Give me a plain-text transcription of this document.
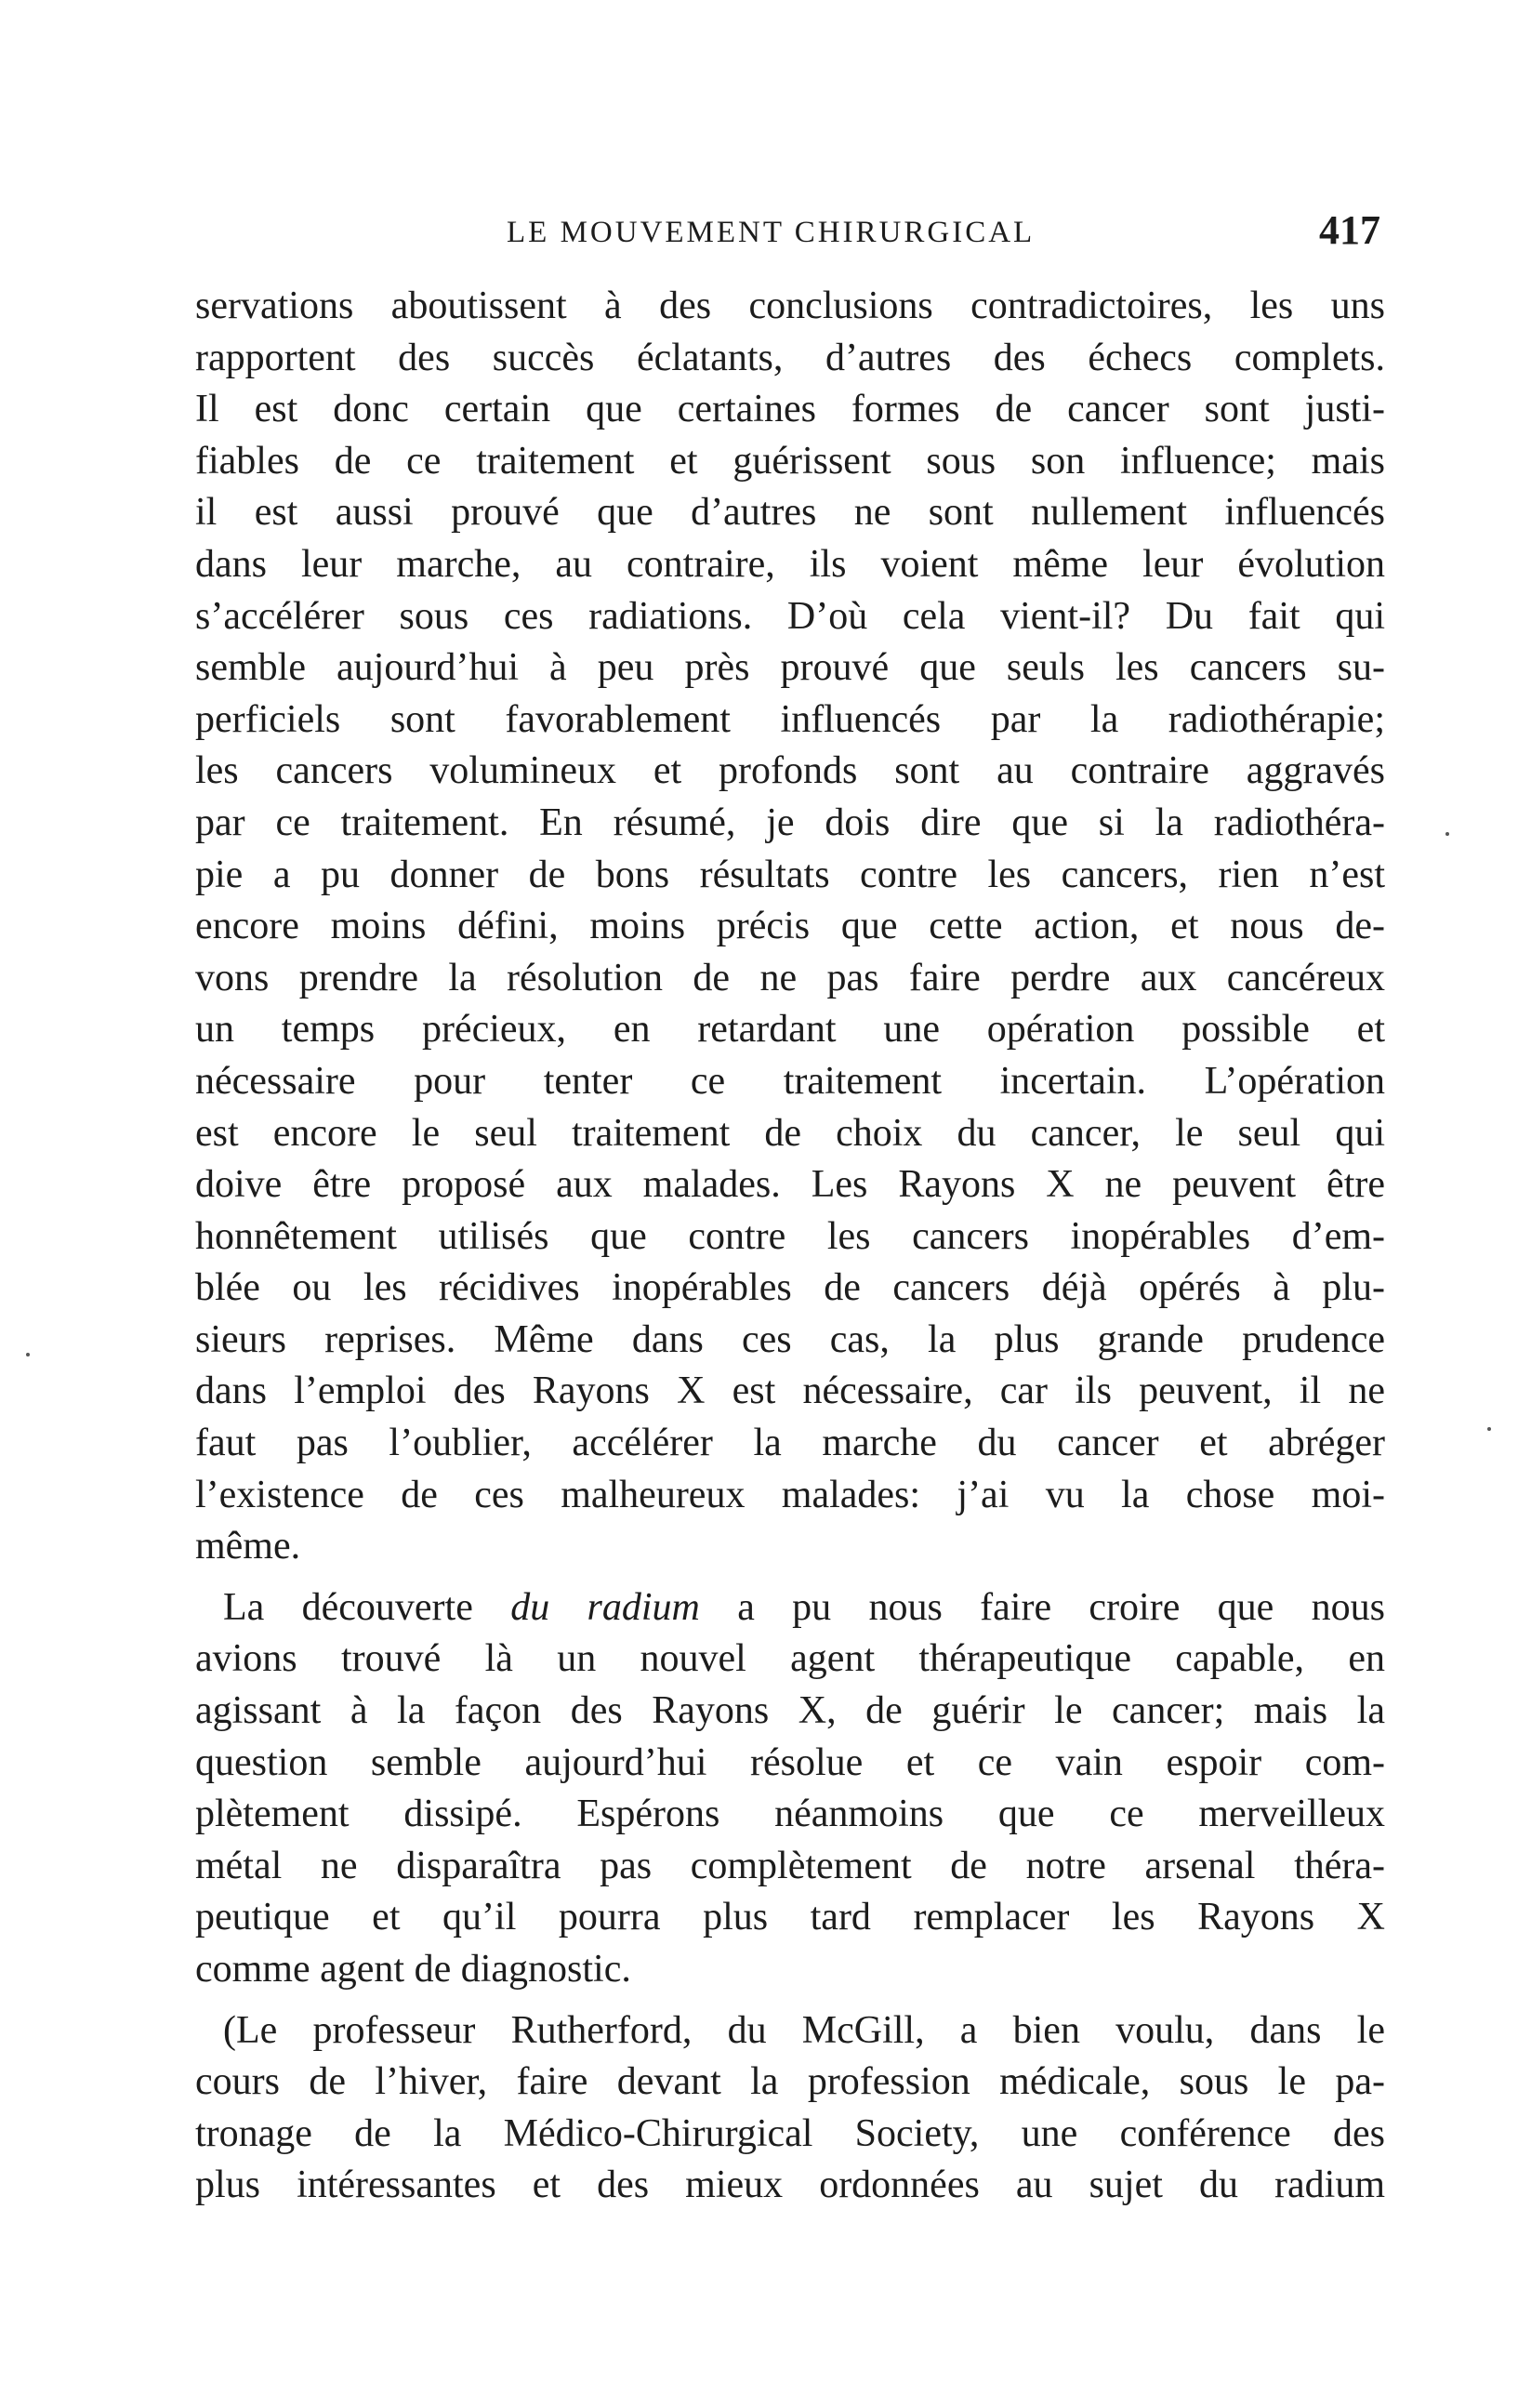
LE MOUVEMENT CHIRURGICAL	417
servations aboutissent à des conclusions contradictoires, les uns
rapportent des succès éclatants, d’autres des échecs complets.
Il est donc certain que certaines formes de cancer sont justi-
fiables de ce traitement et guérissent sous son influence; mais
il est aussi prouvé que d’autres ne sont nullement influencés
dans leur marche, au contraire, ils voient même leur évolution
s’accélérer sous ces radiations. D’où cela vient-il? Du fait qui
semble aujourd’hui à peu près prouvé que seuls les cancers su-
perficiels sont favorablement influencés par la radiothérapie;
les cancers volumineux et profonds sont au contraire aggravés
par ce traitement. En résumé, je dois dire que si la radiothéra-
pie a pu donner de bons résultats contre les cancers, rien n’est
encore moins défini, moins précis que cette action, et nous de-
vons prendre la résolution de ne pas faire perdre aux cancéreux
un temps précieux, en retardant une opération possible et
nécessaire pour tenter ce traitement incertain. L’opération
est encore le seul traitement de choix du cancer, le seul qui
doive être proposé aux malades. Les Rayons X ne peuvent être
honnêtement utilisés que contre les cancers inopérables d’em-
blée ou les récidives inopérables de cancers déjà opérés à plu-
sieurs reprises. Même dans ces cas, la plus grande prudence
dans l’emploi des Rayons X est nécessaire, car ils peuvent, il ne
faut pas l’oublier, accélérer la marche du cancer et abréger
l’existence de ces malheureux malades: j’ai vu la chose moi-
même.
La découverte du radium a pu nous faire croire que nous
avions trouvé là un nouvel agent thérapeutique capable, en
agissant à la façon des Rayons X, de guérir le cancer; mais la
question semble aujourd’hui résolue et ce vain espoir com-
plètement dissipé. Espérons néanmoins que ce merveilleux
métal ne disparaîtra pas complètement de notre arsenal théra-
peutique et qu’il pourra plus tard remplacer les Rayons X
comme agent de diagnostic.
(Le professeur Rutherford, du McGill, a bien voulu, dans le
cours de l’hiver, faire devant la profession médicale, sous le pa-
tronage de la Médico-Chirurgical Society, une conférence des
plus intéressantes et des mieux ordonnées au sujet du radium
